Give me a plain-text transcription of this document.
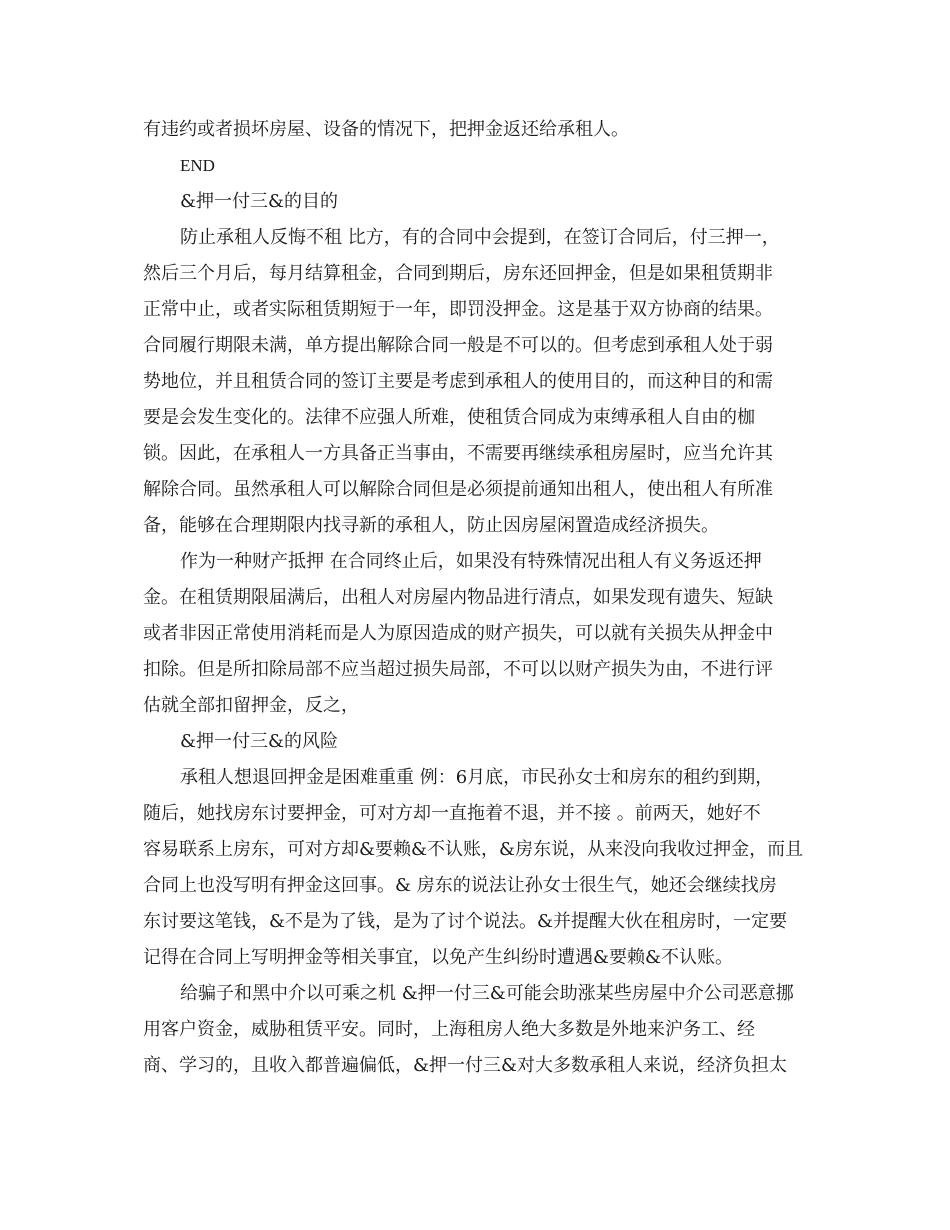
有违约或者损坏房屋、设备的情况下，把押金返还给承租人。
END
&押一付三&的目的
防止承租人反悔不租 比方，有的合同中会提到，在签订合同后，付三押一，
然后三个月后，每月结算租金，合同到期后，房东还回押金，但是如果租赁期非
正常中止，或者实际租赁期短于一年，即罚没押金。这是基于双方协商的结果。
合同履行期限未满，单方提出解除合同一般是不可以的。但考虑到承租人处于弱
势地位，并且租赁合同的签订主要是考虑到承租人的使用目的，而这种目的和需
要是会发生变化的。法律不应强人所难，使租赁合同成为束缚承租人自由的枷
锁。因此，在承租人一方具备正当事由，不需要再继续承租房屋时，应当允许其
解除合同。虽然承租人可以解除合同但是必须提前通知出租人，使出租人有所准
备，能够在合理期限内找寻新的承租人，防止因房屋闲置造成经济损失。
作为一种财产抵押 在合同终止后，如果没有特殊情况出租人有义务返还押
金。在租赁期限届满后，出租人对房屋内物品进行清点，如果发现有遗失、短缺
或者非因正常使用消耗而是人为原因造成的财产损失，可以就有关损失从押金中
扣除。但是所扣除局部不应当超过损失局部，不可以以财产损失为由，不进行评
估就全部扣留押金，反之，
&押一付三&的风险
承租人想退回押金是困难重重 例：6月底，市民孙女士和房东的租约到期，
随后，她找房东讨要押金，可对方却一直拖着不退，并不接 。前两天，她好不
容易联系上房东，可对方却&要赖&不认账，&房东说，从来没向我收过押金，而且
合同上也没写明有押金这回事。& 房东的说法让孙女士很生气，她还会继续找房
东讨要这笔钱，&不是为了钱，是为了讨个说法。&并提醒大伙在租房时，一定要
记得在合同上写明押金等相关事宜，以免产生纠纷时遭遇&要赖&不认账。
给骗子和黑中介以可乘之机 &押一付三&可能会助涨某些房屋中介公司恶意挪
用客户资金，威胁租赁平安。同时，上海租房人绝大多数是外地来沪务工、经
商、学习的，且收入都普遍偏低，&押一付三&对大多数承租人来说，经济负担太
